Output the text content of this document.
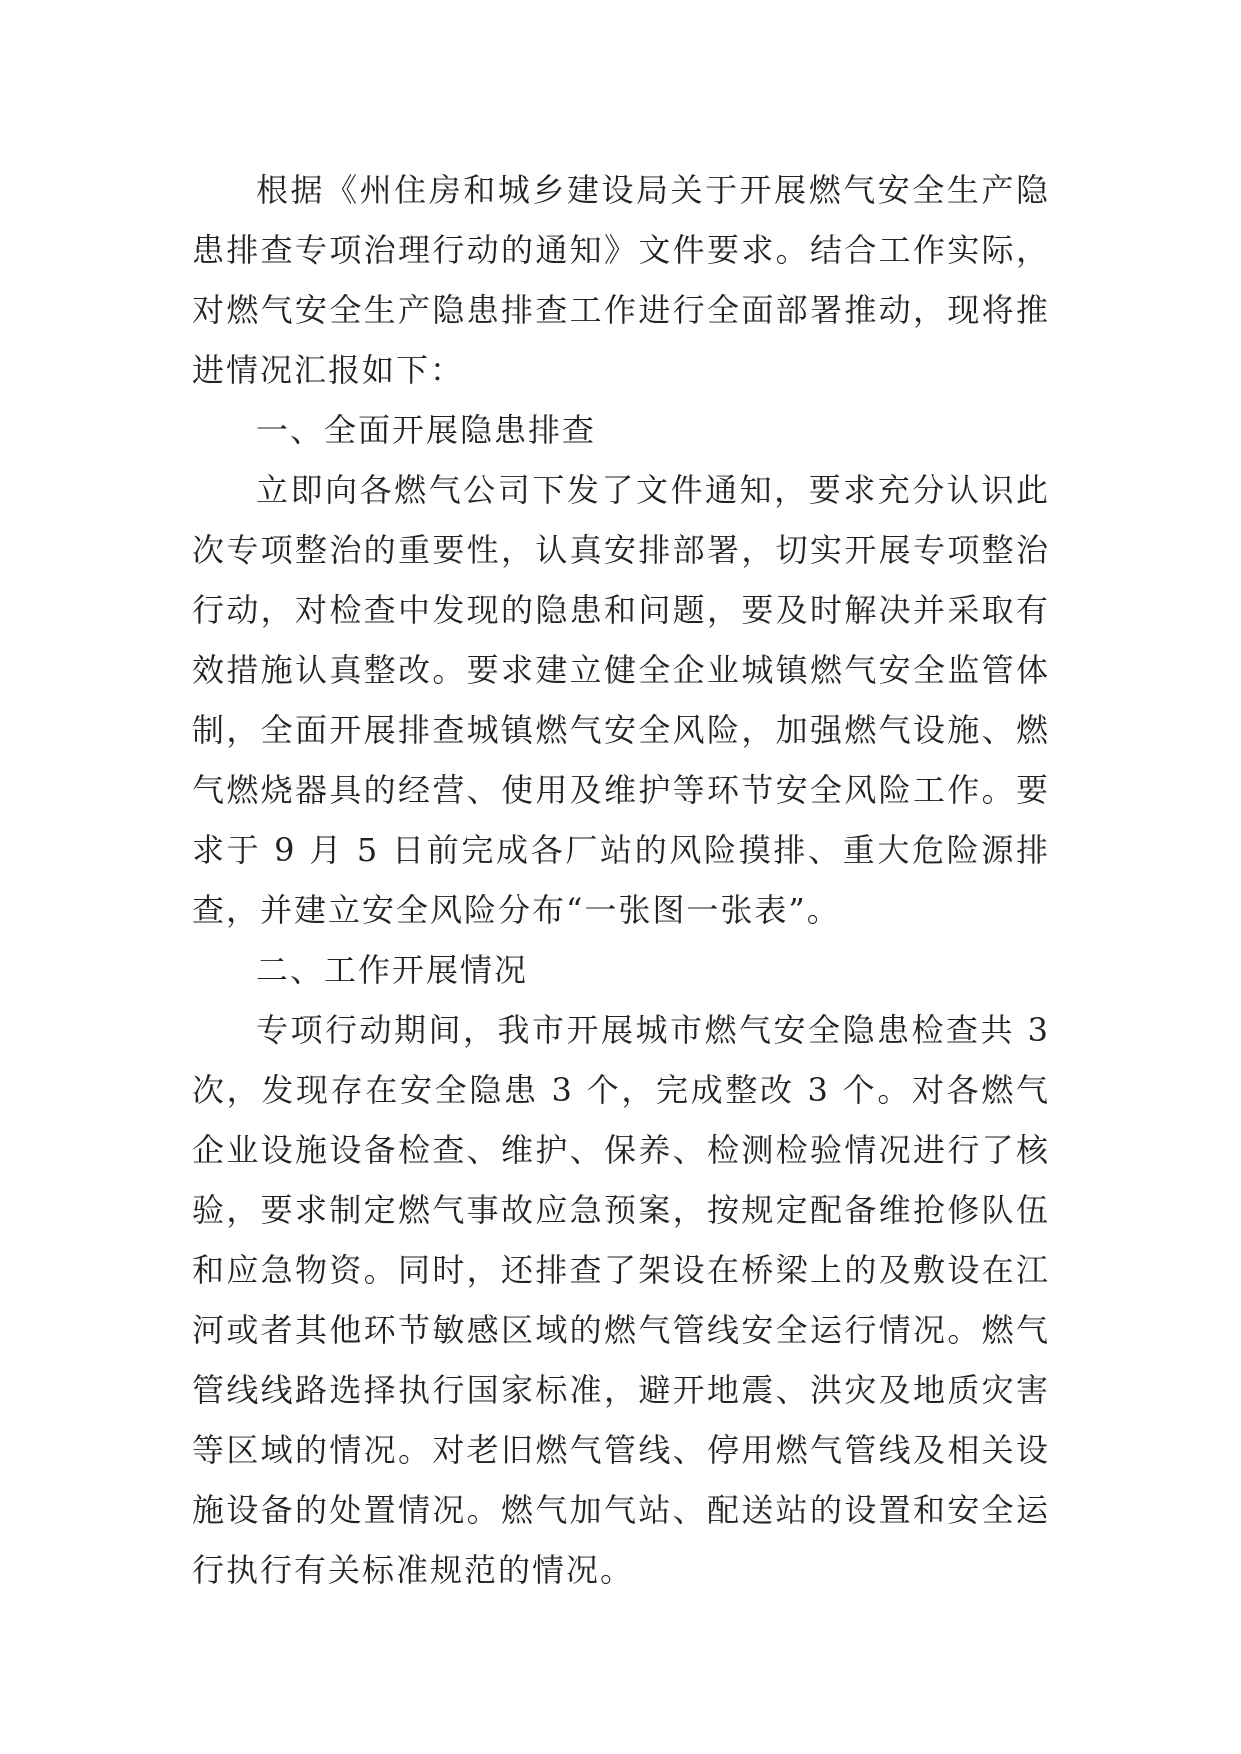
根据《州住房和城乡建设局关于开展燃气安全生产隐患排查专项治理行动的通知》文件要求。结合工作实际，对燃气安全生产隐患排查工作进行全面部署推动，现将推进情况汇报如下：

一、全面开展隐患排查

立即向各燃气公司下发了文件通知，要求充分认识此次专项整治的重要性，认真安排部署，切实开展专项整治行动，对检查中发现的隐患和问题，要及时解决并采取有效措施认真整改。要求建立健全企业城镇燃气安全监管体制，全面开展排查城镇燃气安全风险，加强燃气设施、燃气燃烧器具的经营、使用及维护等环节安全风险工作。要求于 9 月 5 日前完成各厂站的风险摸排、重大危险源排查，并建立安全风险分布“一张图一张表”。

二、工作开展情况

专项行动期间，我市开展城市燃气安全隐患检查共 3 次，发现存在安全隐患 3 个，完成整改 3 个。对各燃气企业设施设备检查、维护、保养、检测检验情况进行了核验，要求制定燃气事故应急预案，按规定配备维抢修队伍和应急物资。同时，还排查了架设在桥梁上的及敷设在江河或者其他环节敏感区域的燃气管线安全运行情况。燃气管线线路选择执行国家标准，避开地震、洪灾及地质灾害等区域的情况。对老旧燃气管线、停用燃气管线及相关设施设备的处置情况。燃气加气站、配送站的设置和安全运行执行有关标准规范的情况。
